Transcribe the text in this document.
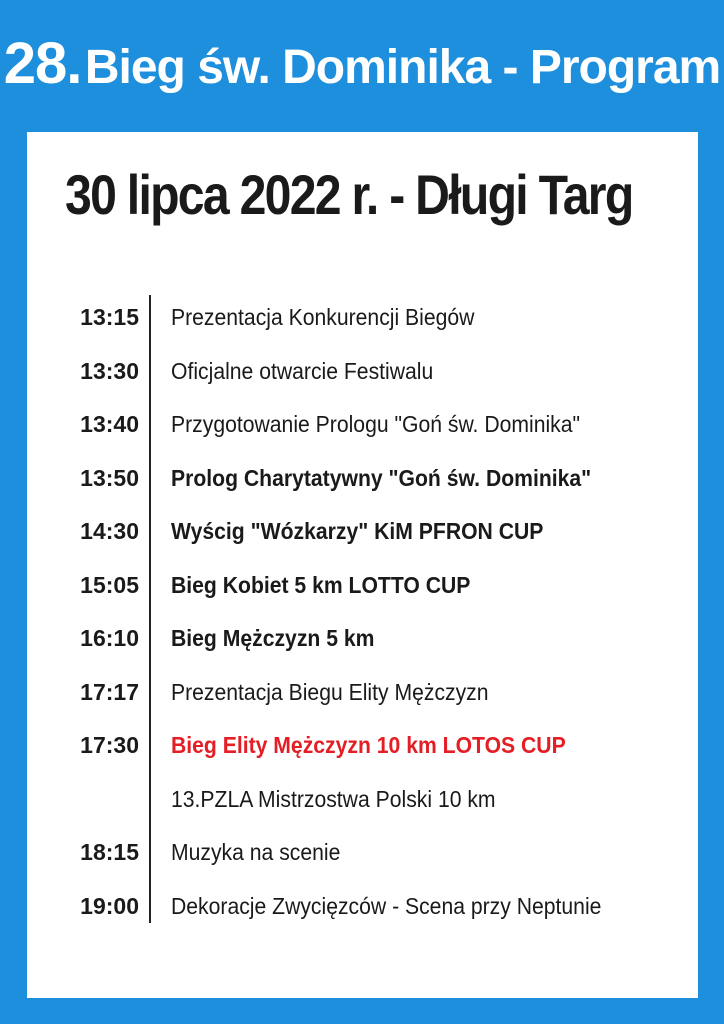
28. Bieg św. Dominika - Program
30 lipca 2022 r. - Długi Targ
13:15 Prezentacja Konkurencji Biegów
13:30 Oficjalne otwarcie Festiwalu
13:40 Przygotowanie Prologu "Goń św. Dominika"
13:50 Prolog Charytatywny "Goń św. Dominika"
14:30 Wyścig "Wózkarzy" KiM PFRON CUP
15:05 Bieg Kobiet 5 km LOTTO CUP
16:10 Bieg Mężczyzn 5 km
17:17 Prezentacja Biegu Elity Mężczyzn
17:30 Bieg Elity Mężczyzn 10 km LOTOS CUP
13.PZLA Mistrzostwa Polski 10 km
18:15 Muzyka na scenie
19:00 Dekoracje Zwycięzców - Scena przy Neptunie
